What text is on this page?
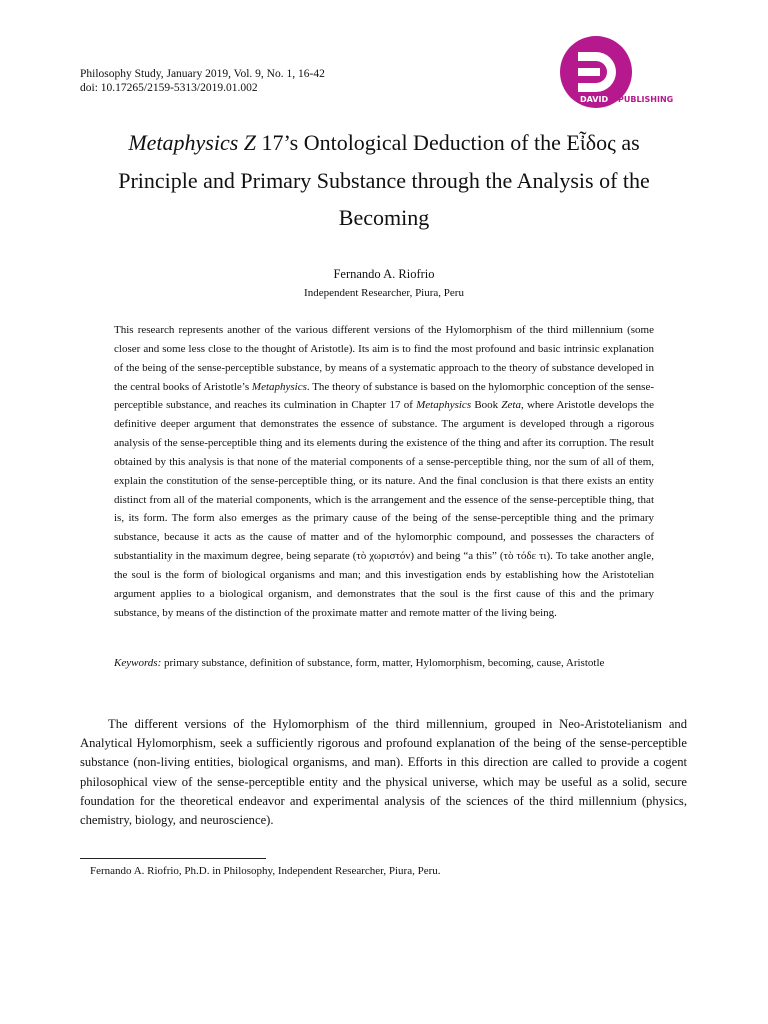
Philosophy Study, January 2019, Vol. 9, No. 1, 16-42
doi: 10.17265/2159-5313/2019.01.002
DAVID PUBLISHING
Metaphysics Z 17’s Ontological Deduction of the Εἶδος as
Principle and Primary Substance through the Analysis of the
Becoming
Fernando A. Riofrio
Independent Researcher, Piura, Peru
This research represents another of the various different versions of the Hylomorphism of the third millennium (some closer and some less close to the thought of Aristotle). Its aim is to find the most profound and basic intrinsic explanation of the being of the sense-perceptible substance, by means of a systematic approach to the theory of substance developed in the central books of Aristotle’s Metaphysics. The theory of substance is based on the hylomorphic conception of the sense-perceptible substance, and reaches its culmination in Chapter 17 of Metaphysics Book Zeta, where Aristotle develops the definitive deeper argument that demonstrates the essence of substance. The argument is developed through a rigorous analysis of the sense-perceptible thing and its elements during the existence of the thing and after its corruption. The result obtained by this analysis is that none of the material components of a sense-perceptible thing, nor the sum of all of them, explain the constitution of the sense-perceptible thing, or its nature. And the final conclusion is that there exists an entity distinct from all of the material components, which is the arrangement and the essence of the sense-perceptible thing, that is, its form. The form also emerges as the primary cause of the being of the sense-perceptible thing and the primary substance, because it acts as the cause of matter and of the hylomorphic compound, and possesses the characters of substantiality in the maximum degree, being separate (τὸ χωριστόν) and being “a this” (τὸ τόδε τι). To take another angle, the soul is the form of biological organisms and man; and this investigation ends by establishing how the Aristotelian argument applies to a biological organism, and demonstrates that the soul is the first cause of this and the primary substance, by means of the distinction of the proximate matter and remote matter of the living being.
Keywords: primary substance, definition of substance, form, matter, Hylomorphism, becoming, cause, Aristotle
The different versions of the Hylomorphism of the third millennium, grouped in Neo-Aristotelianism and Analytical Hylomorphism, seek a sufficiently rigorous and profound explanation of the being of the sense-perceptible substance (non-living entities, biological organisms, and man). Efforts in this direction are called to provide a cogent philosophical view of the sense-perceptible entity and the physical universe, which may be useful as a solid, secure foundation for the theoretical endeavor and experimental analysis of the sciences of the third millennium (physics, chemistry, biology, and neuroscience).
Fernando A. Riofrio, Ph.D. in Philosophy, Independent Researcher, Piura, Peru.
